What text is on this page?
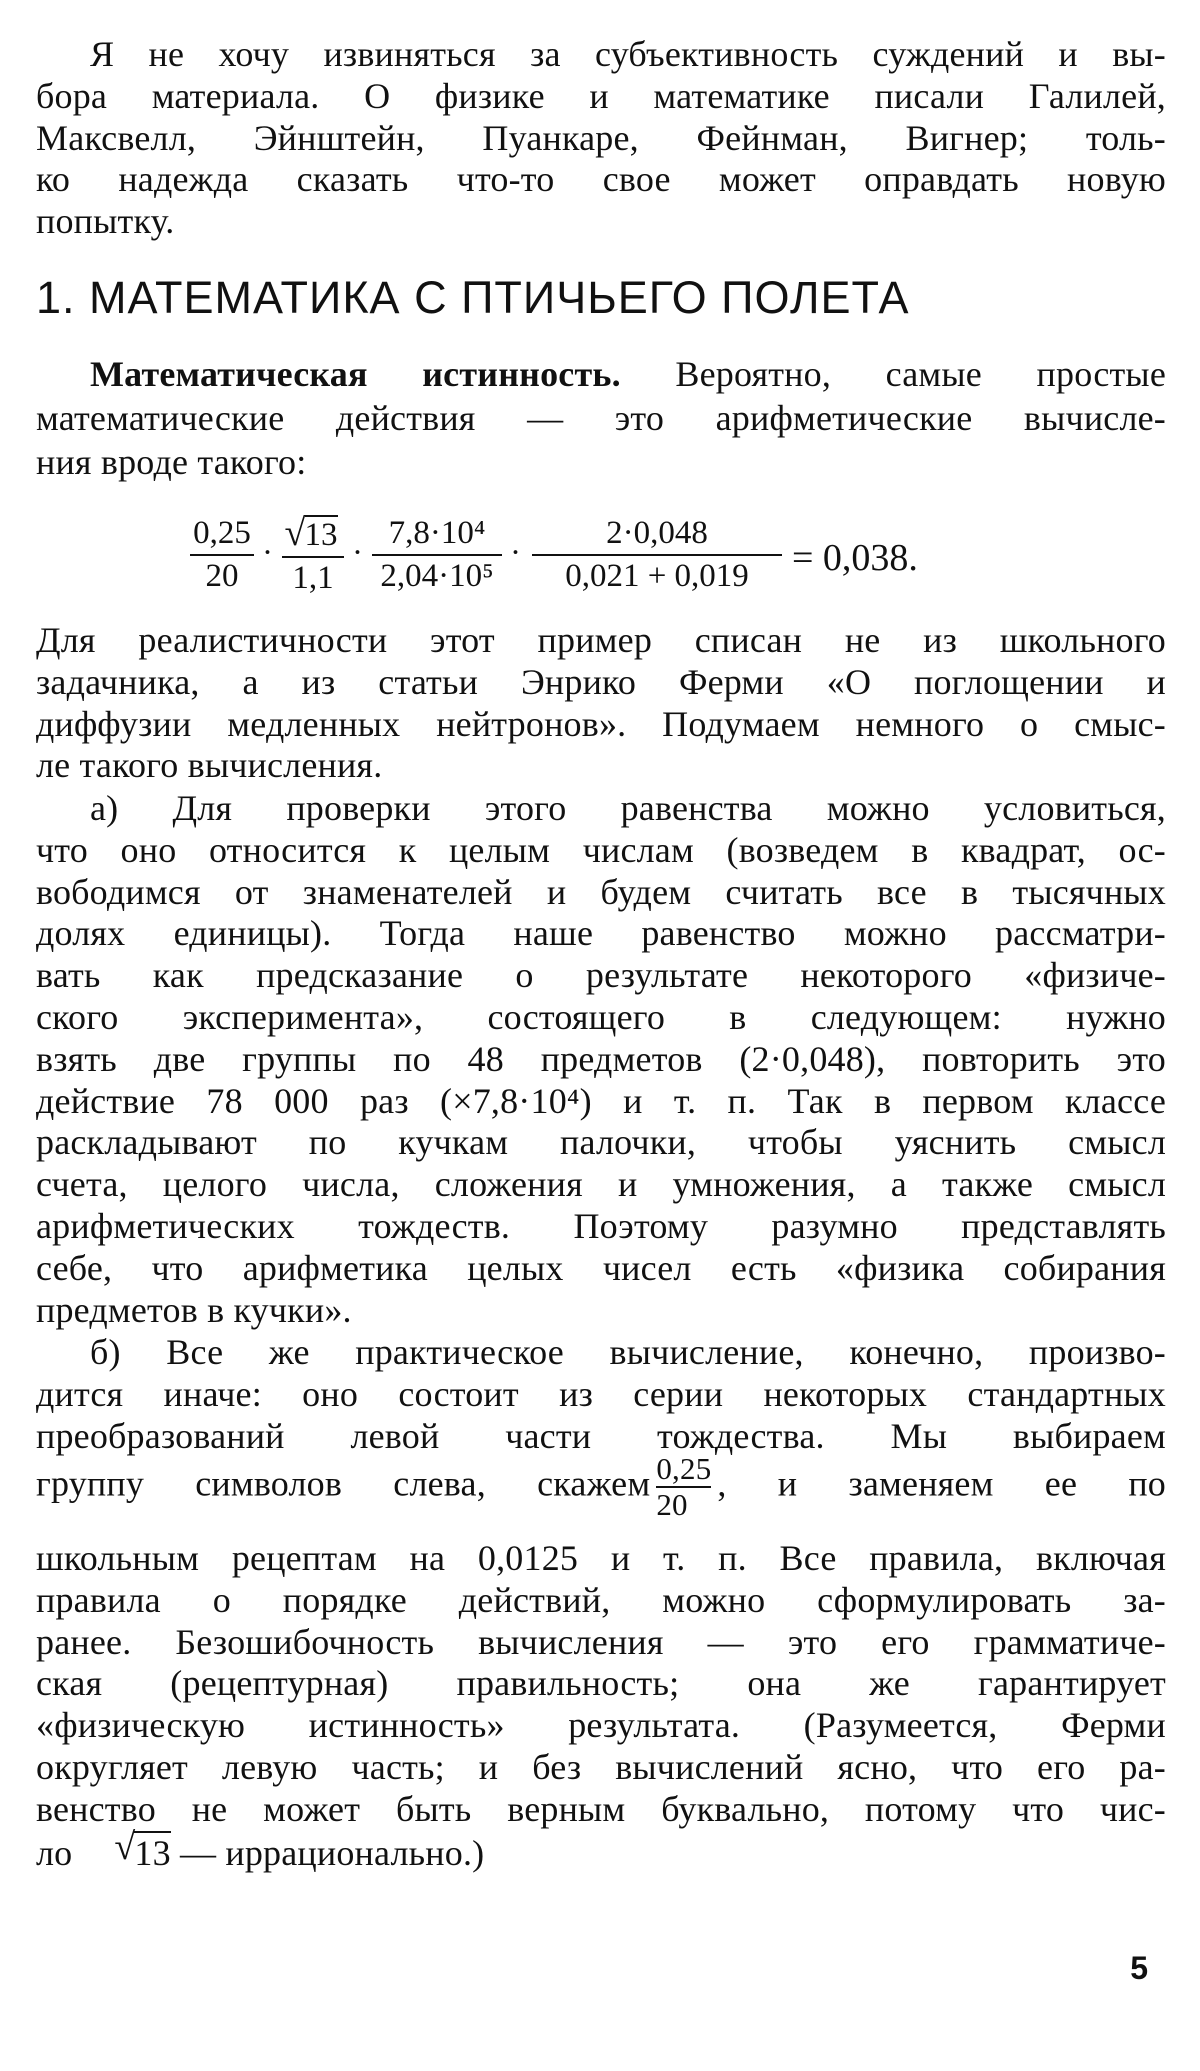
Я не хочу извиняться за субъективность суждений и вы-
бора материала. О физике и математике писали Галилей,
Максвелл, Эйнштейн, Пуанкаре, Фейнман, Вигнер; толь-
ко надежда сказать что-то свое может оправдать новую
попытку.
1. МАТЕМАТИКА С ПТИЧЬЕГО ПОЛЕТА
Математическая истинность. Вероятно, самые простые
математические действия — это арифметические вычисле-
ния вроде такого:
$\frac{0,25}{20}$ · √ $\frac{13}{1,1} \cdot \frac{\text{7,8·10⁴}}{\text{2,04·10⁵}} \cdot \frac{2\cdot 0,048}{0,021 + 0,019} = 0,038$.
Для реалистичности этот пример списан не из школьного
задачника, а из статьи Энрико Ферми «О поглощении и
диффузии медленных нейтронов». Подумаем немного о смыс-
ле такого вычисления.
а) Для проверки этого равенства можно условиться,
что оно относится к целым числам (возведем в квадрат, ос-
вободимся от знаменателей и будем считать все в тысячных
долях единицы). Тогда наше равенство можно рассматри-
вать как предсказание о результате некоторого «физиче-
ского эксперимента», состоящего в следующем: нужно
взять две группы по 48 предметов (2·0,048), повторить это
действие 78 000 раз (×7,8·10⁴) и т. п. Так в первом классе
раскладывают по кучкам палочки, чтобы уяснить смысл
счета, целого числа, сложения и умножения, а также смысл
арифметических тождеств. Поэтому разумно представлять
себе, что арифметика целых чисел есть «физика собирания
предметов в кучки».
б) Все же практическое вычисление, конечно, произво-
дится иначе: оно состоит из серии некоторых стандартных
преобразований левой части тождества. Мы выбираем
группу символов слева, скажем $\frac{0,25}{20}$ , и заменяем ее по
школьным рецептам на 0,0125 и т. п. Все правила, включая
правила о порядке действий, можно сформулировать за-
ранее. Безошибочность вычисления — это его грамматиче-
ская (рецептурная) правильность; она же гарантирует
«физическую истинность» результата. (Разумеется, Ферми
округляет левую часть; и без вычислений ясно, что его ра-
венство не может быть верным буквально, потому что чис-
ло √ 13 — иррационально.)
5
